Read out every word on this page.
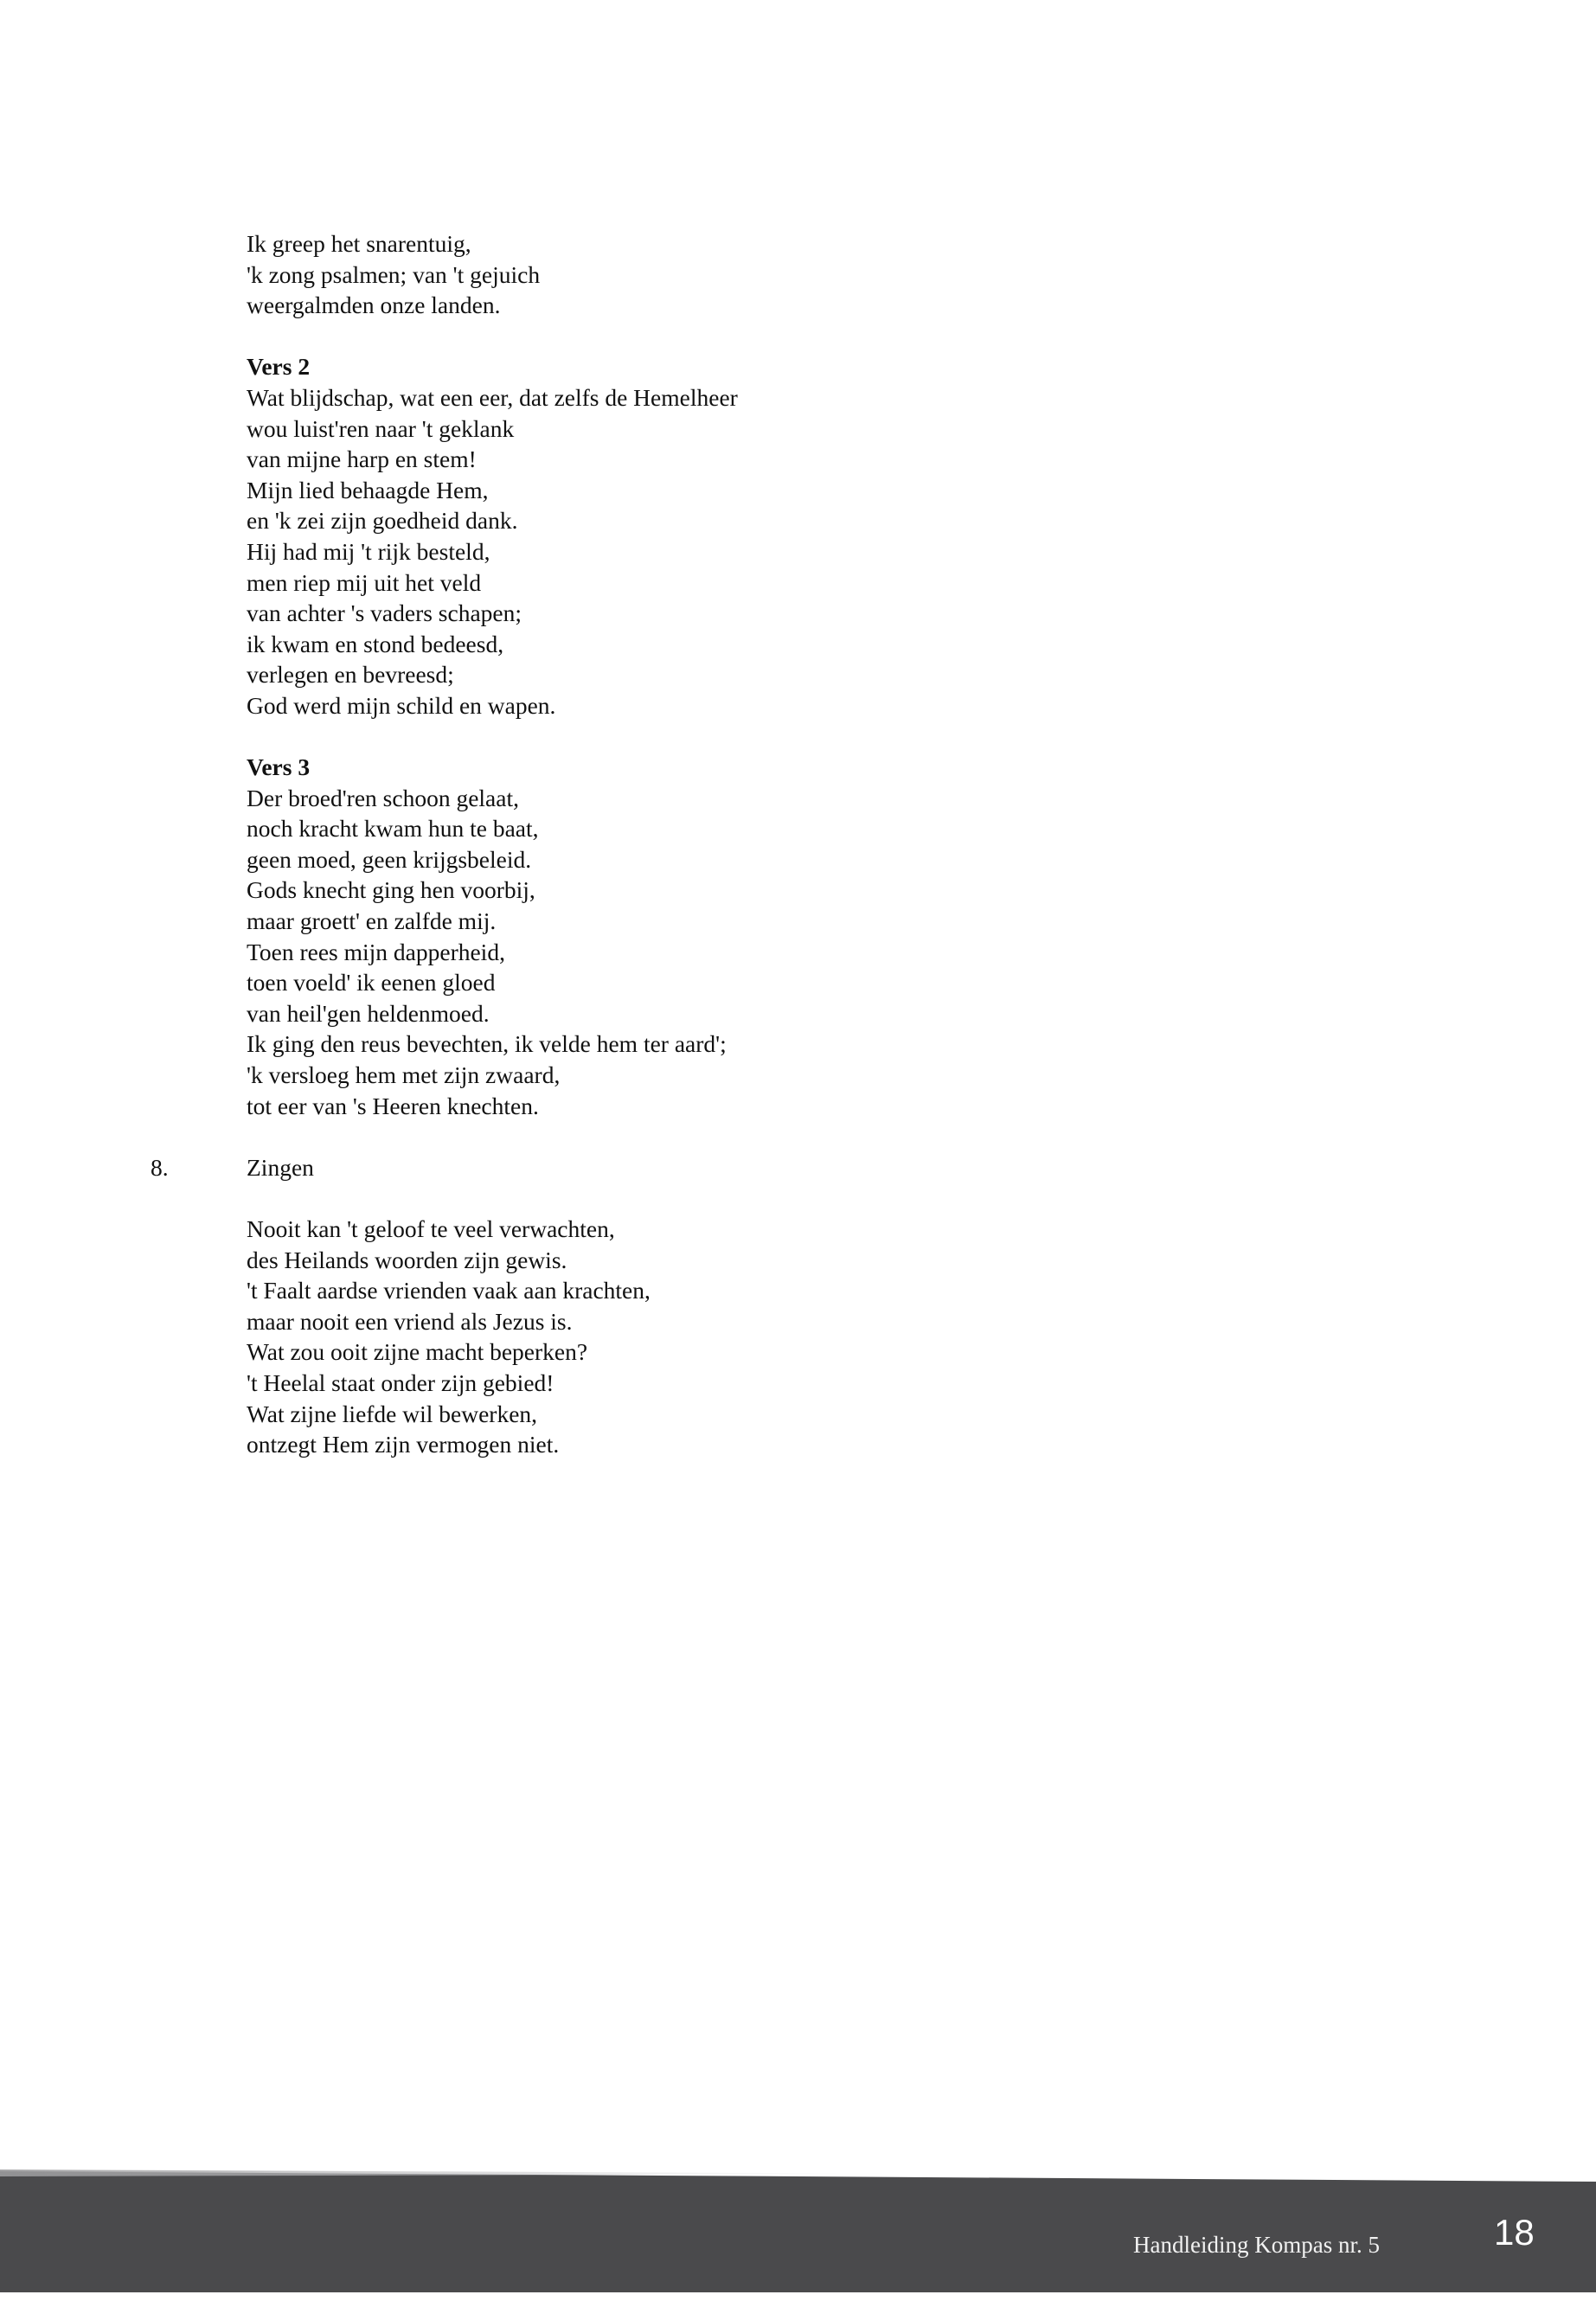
Ik greep het snarentuig,
'k zong psalmen; van 't gejuich
weergalmden onze landen.
Vers 2
Wat blijdschap, wat een eer, dat zelfs de Hemelheer
wou luist'ren naar 't geklank
van mijne harp en stem!
Mijn lied behaagde Hem,
en 'k zei zijn goedheid dank.
Hij had mij 't rijk besteld,
men riep mij uit het veld
van achter 's vaders schapen;
ik kwam en stond bedeesd,
verlegen en bevreesd;
God werd mijn schild en wapen.
Vers 3
Der broed'ren schoon gelaat,
noch kracht kwam hun te baat,
geen moed, geen krijgsbeleid.
Gods knecht ging hen voorbij,
maar groett' en zalfde mij.
Toen rees mijn dapperheid,
toen voeld' ik eenen gloed
van heil'gen heldenmoed.
Ik ging den reus bevechten, ik velde hem ter aard';
'k versloeg hem met zijn zwaard,
tot eer van 's Heeren knechten.
8.	Zingen
Nooit kan 't geloof te veel verwachten,
des Heilands woorden zijn gewis.
't Faalt aardse vrienden vaak aan krachten,
maar nooit een vriend als Jezus is.
Wat zou ooit zijne macht beperken?
't Heelal staat onder zijn gebied!
Wat zijne liefde wil bewerken,
ontzegt Hem zijn vermogen niet.
Handleiding Kompas nr. 5	18
